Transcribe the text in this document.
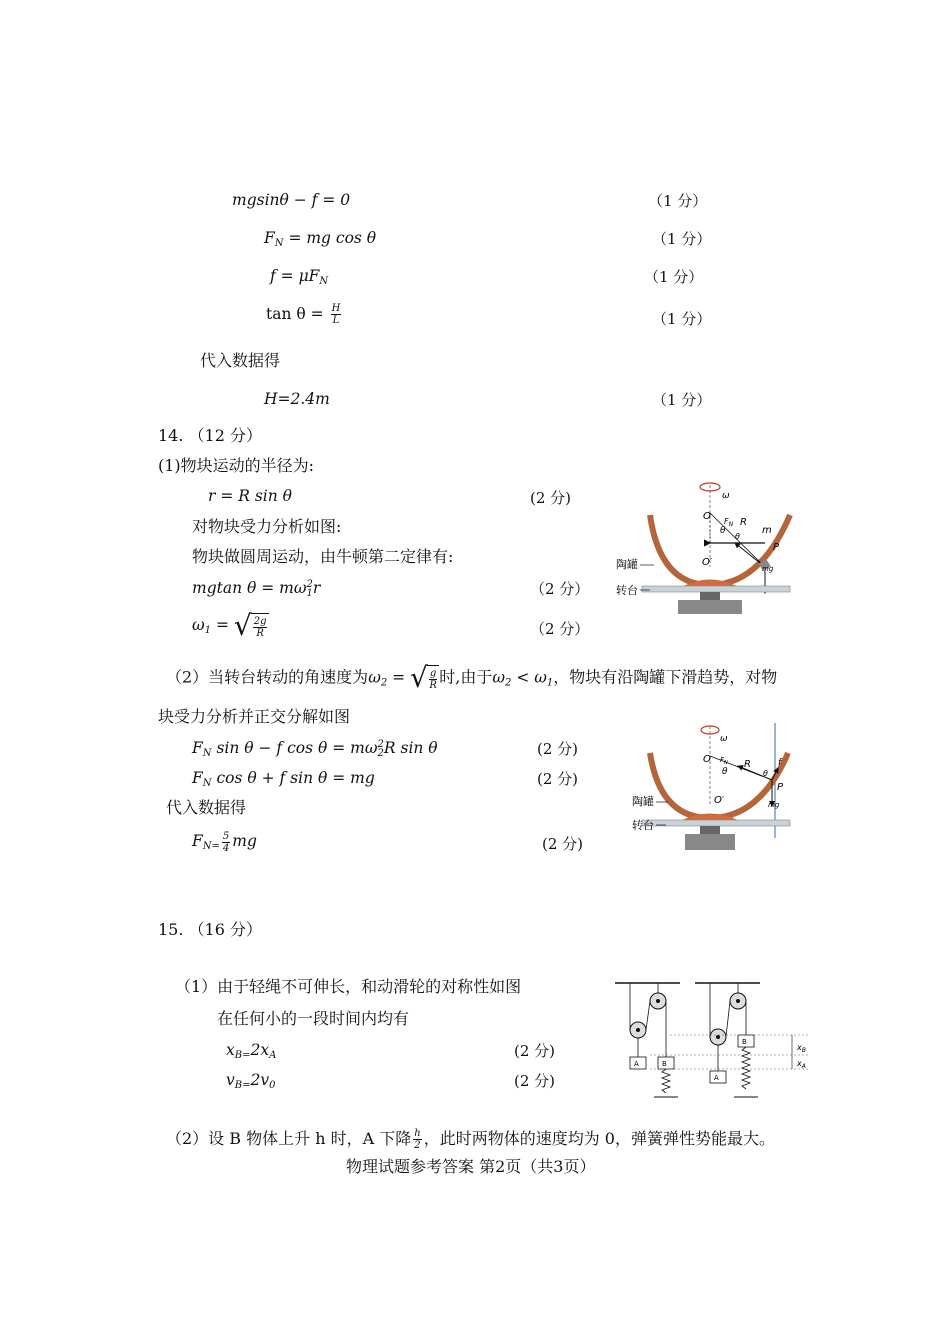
mgsinθ − f = 0	（1 分）
$F_N$ = mg cos θ	（1 分）
$f = \mu F_N$	（1 分）
$\tan \theta = \frac{H}{L}$	（1 分）
代入数据得
H=2.4m	（1 分）
14. （12 分）
(1)物块运动的半径为:
r = R sin θ	(2 分)
对物块受力分析如图:
物块做圆周运动，由牛顿第二定律有:
mgtan θ = mω 2
1 r	（2 分）
$\omega_1$ = √ $\frac{2g}{R}$	（2 分）
（2）当转台转动的角速度为$\omega_2$ = √ $\frac{g}{R}$ 时,由于$\omega_2 < \omega_1$，物块有沿陶罐下滑趋势，对物
块受力分析并正交分解如图
$F_N$ sin θ − f cos θ = mω 2
2 R sin θ	(2 分)
$F_N$ cos θ + f sin θ = mg	(2 分)
代入数据得
$F_{N=} \frac{5}{4}$ mg	(2 分)
ω
O $F_N$ R
m
θ
θ
P
mg
O′
陶罐
转台
ω
O $F_N$ R	f
θ	θ
P
mg
O′
陶罐
转台
15. （16 分）
（1）由于轻绳不可伸长，和动滑轮的对称性如图
在任何小的一段时间内均有
$x_{B=}2x_A$	(2 分)
$v_{B=}2v_0$	(2 分)
A	B
B
A
$x_B$
$x_A$
（2）设 B 物体上升 h 时，A 下降 $\frac{h}{2}$ ，此时两物体的速度均为 0，弹簧弹性势能最大。
物理试题参考答案 第2页（共3页）
